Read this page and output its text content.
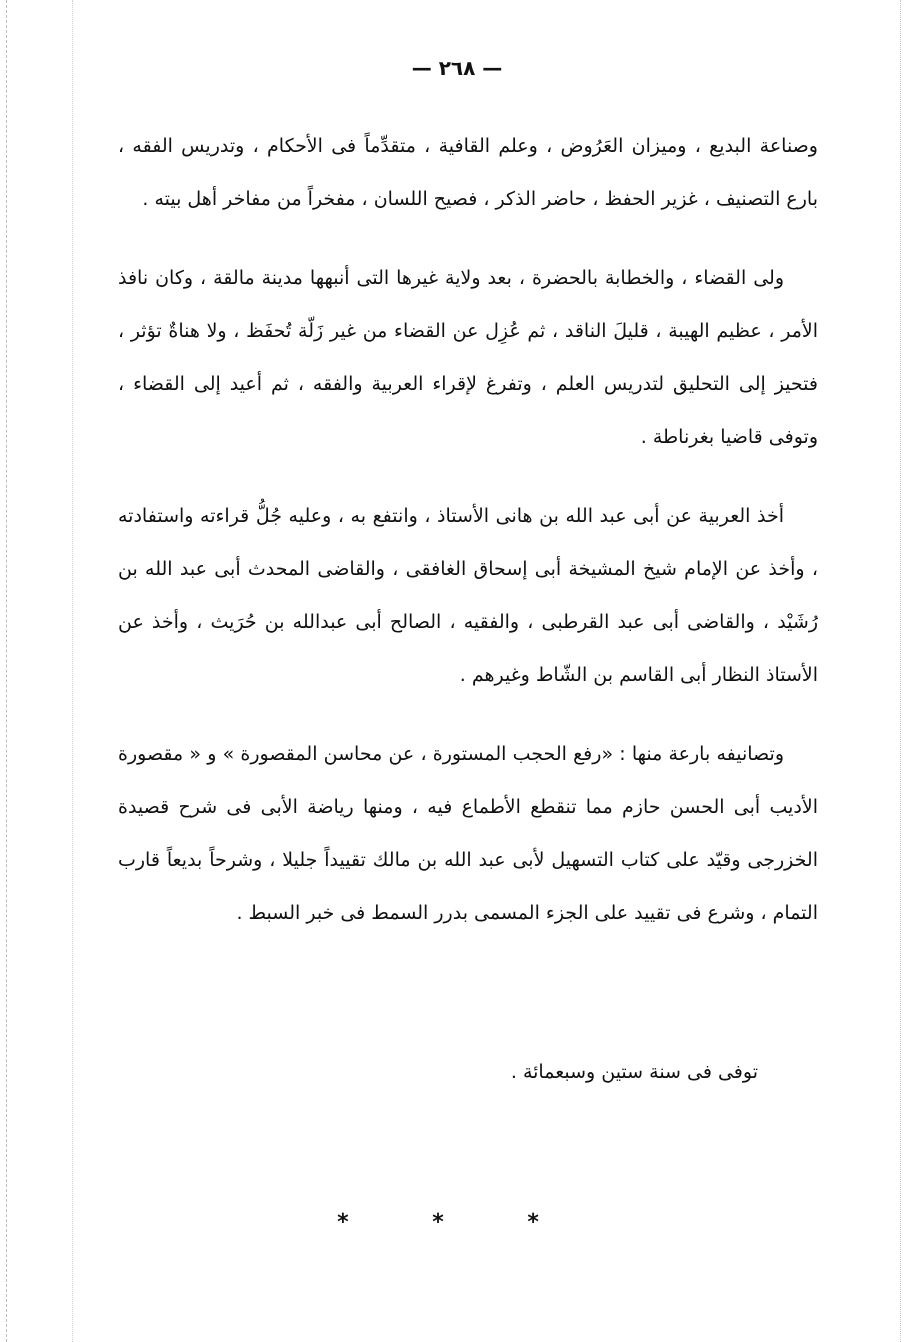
— ٢٦٨ —

وصناعة البديع ، وميزان العَرُوض ، وعلم القافية ، متقدِّماً فى الأحكام ، وتدريس الفقه ، بارع التصنيف ، غزير الحفظ ، حاضر الذكر ، فصيح اللسان ، مفخراً من مفاخر أهل بيته .

ولى القضاء ، والخطابة بالحضرة ، بعد ولاية غيرها التى أنبهها مدينة مالقة ، وكان نافذ الأمر ، عظيم الهيبة ، قليلَ الناقد ، ثم عُزِل عن القضاء من غير زَلّة تُحفَظ ، ولا هناةٌ تؤثر ، فتحيز إلى التحليق لتدريس العلم ، وتفرغ لإقراء العربية والفقه ، ثم أعيد إلى القضاء ، وتوفى قاضيا بغرناطة .

أخذ العربية عن أبى عبد الله بن هانى الأستاذ ، وانتفع به ، وعليه جُلُّ قراءته واستفادته ، وأخذ عن الإمام شيخ المشيخة أبى إسحاق الغافقى ، والقاضى المحدث أبى عبد الله بن رُشَيْد ، والقاضى أبى عبد القرطبى ، والفقيه ، الصالح أبى عبدالله بن حُرَيث ، وأخذ عن الأستاذ النظار أبى القاسم بن الشّاط وغيرهم .

وتصانيفه بارعة منها : «رفع الحجب المستورة ، عن محاسن المقصورة » و « مقصورة الأديب أبى الحسن حازم مما تنقطع الأطماع فيه ، ومنها رياضة الأبى فى شرح قصيدة الخزرجى وقيّد على كتاب التسهيل لأبى عبد الله بن مالك تقييداً جليلا ، وشرحاً بديعاً قارب التمام ، وشرع فى تقييد على الجزء المسمى بدرر السمط فى خبر السبط .

توفى فى سنة ستين وسبعمائة .
* * *
